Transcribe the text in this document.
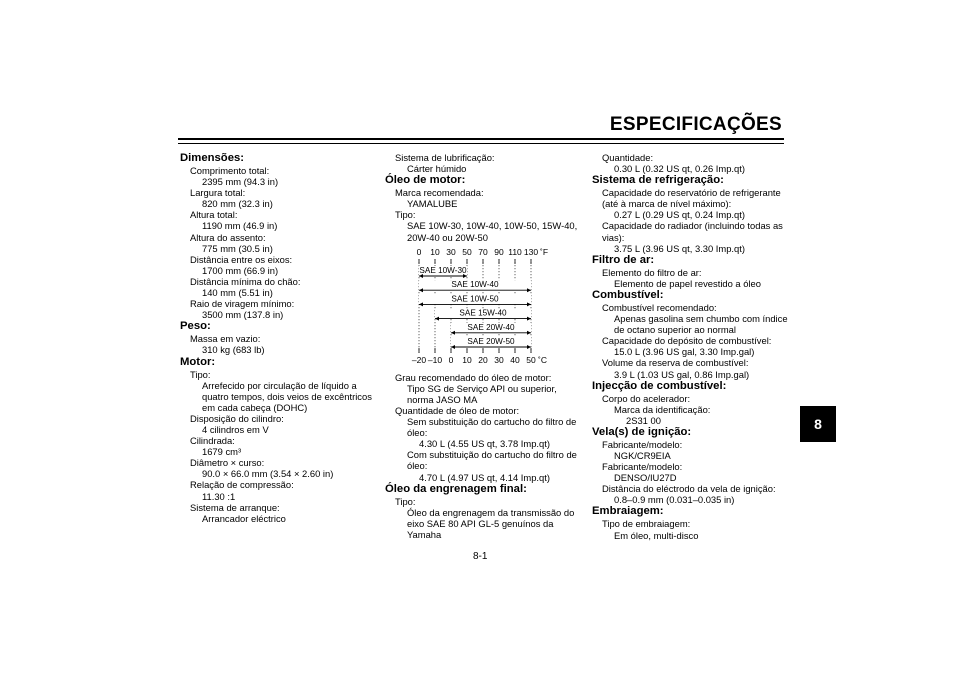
ESPECIFICAÇÕES
8
8-1
Dimensões:
Comprimento total:
2395 mm (94.3 in)
Largura total:
820 mm (32.3 in)
Altura total:
1190 mm (46.9 in)
Altura do assento:
775 mm (30.5 in)
Distância entre os eixos:
1700 mm (66.9 in)
Distância mínima do chão:
140 mm (5.51 in)
Raio de viragem mínimo:
3500 mm (137.8 in)
Peso:
Massa em vazio:
310 kg (683 lb)
Motor:
Tipo:
Arrefecido por circulação de líquido a quatro tempos, dois veios de excêntricos em cada cabeça (DOHC)
Disposição do cilindro:
4 cilindros em V
Cilindrada:
1679 cm³
Diâmetro × curso:
90.0 × 66.0 mm (3.54 × 2.60 in)
Relação de compressão:
11.30 :1
Sistema de arranque:
Arrancador eléctrico
Sistema de lubrificação:
Cárter húmido
Óleo de motor:
Marca recomendada:
YAMALUBE
Tipo:
SAE 10W-30, 10W-40, 10W-50, 15W-40, 20W-40 ou 20W-50
0 10 30 50 70 90 110 130 ˚F
–20 –10 0 10 20 30 40 50 ˚C
SAE 10W-30
SAE 10W-40
SAE 10W-50
SAE 15W-40
SAE 20W-40
SAE 20W-50
Grau recomendado do óleo de motor:
Tipo SG de Serviço API ou superior, norma JASO MA
Quantidade de óleo de motor:
Sem substituição do cartucho do filtro de óleo:
4.30 L (4.55 US qt, 3.78 Imp.qt)
Com substituição do cartucho do filtro de óleo:
4.70 L (4.97 US qt, 4.14 Imp.qt)
Óleo da engrenagem final:
Tipo:
Óleo da engrenagem da transmissão do eixo SAE 80 API GL-5 genuínos da Yamaha
Quantidade:
0.30 L (0.32 US qt, 0.26 Imp.qt)
Sistema de refrigeração:
Capacidade do reservatório de refrigerante (até à marca de nível máximo):
0.27 L (0.29 US qt, 0.24 Imp.qt)
Capacidade do radiador (incluindo todas as vias):
3.75 L (3.96 US qt, 3.30 Imp.qt)
Filtro de ar:
Elemento do filtro de ar:
Elemento de papel revestido a óleo
Combustível:
Combustível recomendado:
Apenas gasolina sem chumbo com índice de octano superior ao normal
Capacidade do depósito de combustível:
15.0 L (3.96 US gal, 3.30 Imp.gal)
Volume da reserva de combustível:
3.9 L (1.03 US gal, 0.86 Imp.gal)
Injecção de combustível:
Corpo do acelerador:
Marca da identificação:
2S31 00
Vela(s) de ignição:
Fabricante/modelo:
NGK/CR9EIA
Fabricante/modelo:
DENSO/IU27D
Distância do eléctrodo da vela de ignição:
0.8–0.9 mm (0.031–0.035 in)
Embraiagem:
Tipo de embraiagem:
Em óleo, multi-disco
